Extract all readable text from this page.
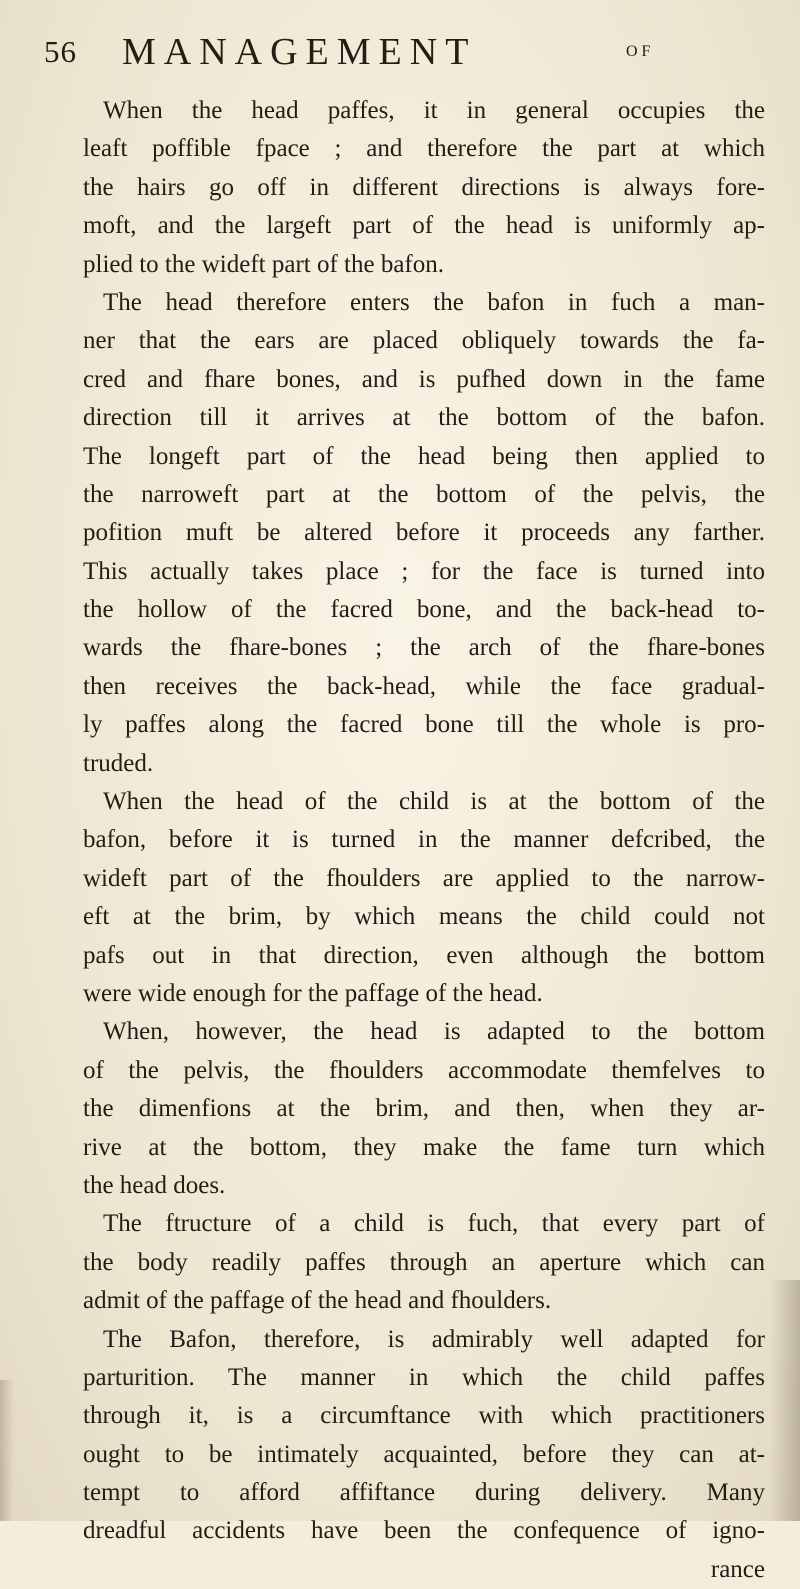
56 MANAGEMENT	OF
When the head paffes, it in general occupies the
leaft poffible fpace ; and therefore the part at which
the hairs go off in different directions is always fore-
moft, and the largeft part of the head is uniformly ap-
plied to the wideft part of the bafon.
The head therefore enters the bafon in fuch a man-
ner that the ears are placed obliquely towards the fa-
cred and fhare bones, and is pufhed down in the fame
direction till it arrives at the bottom of the bafon.
The longeft part of the head being then applied to
the narroweft part at the bottom of the pelvis, the
pofition muft be altered before it proceeds any farther.
This actually takes place ; for the face is turned into
the hollow of the facred bone, and the back-head to-
wards the fhare-bones ; the arch of the fhare-bones
then receives the back-head, while the face gradual-
ly paffes along the facred bone till the whole is pro-
truded.
When the head of the child is at the bottom of the
bafon, before it is turned in the manner defcribed, the
wideft part of the fhoulders are applied to the narrow-
eft at the brim, by which means the child could not
pafs out in that direction, even although the bottom
were wide enough for the paffage of the head.
When, however, the head is adapted to the bottom
of the pelvis, the fhoulders accommodate themfelves to
the dimenfions at the brim, and then, when they ar-
rive at the bottom, they make the fame turn which
the head does.
The ftructure of a child is fuch, that every part of
the body readily paffes through an aperture which can
admit of the paffage of the head and fhoulders.
The Bafon, therefore, is admirably well adapted for
parturition. The manner in which the child paffes
through it, is a circumftance with which practitioners
ought to be intimately acquainted, before they can at-
tempt to afford affiftance during delivery. Many
dreadful accidents have been the confequence of igno-
rance
